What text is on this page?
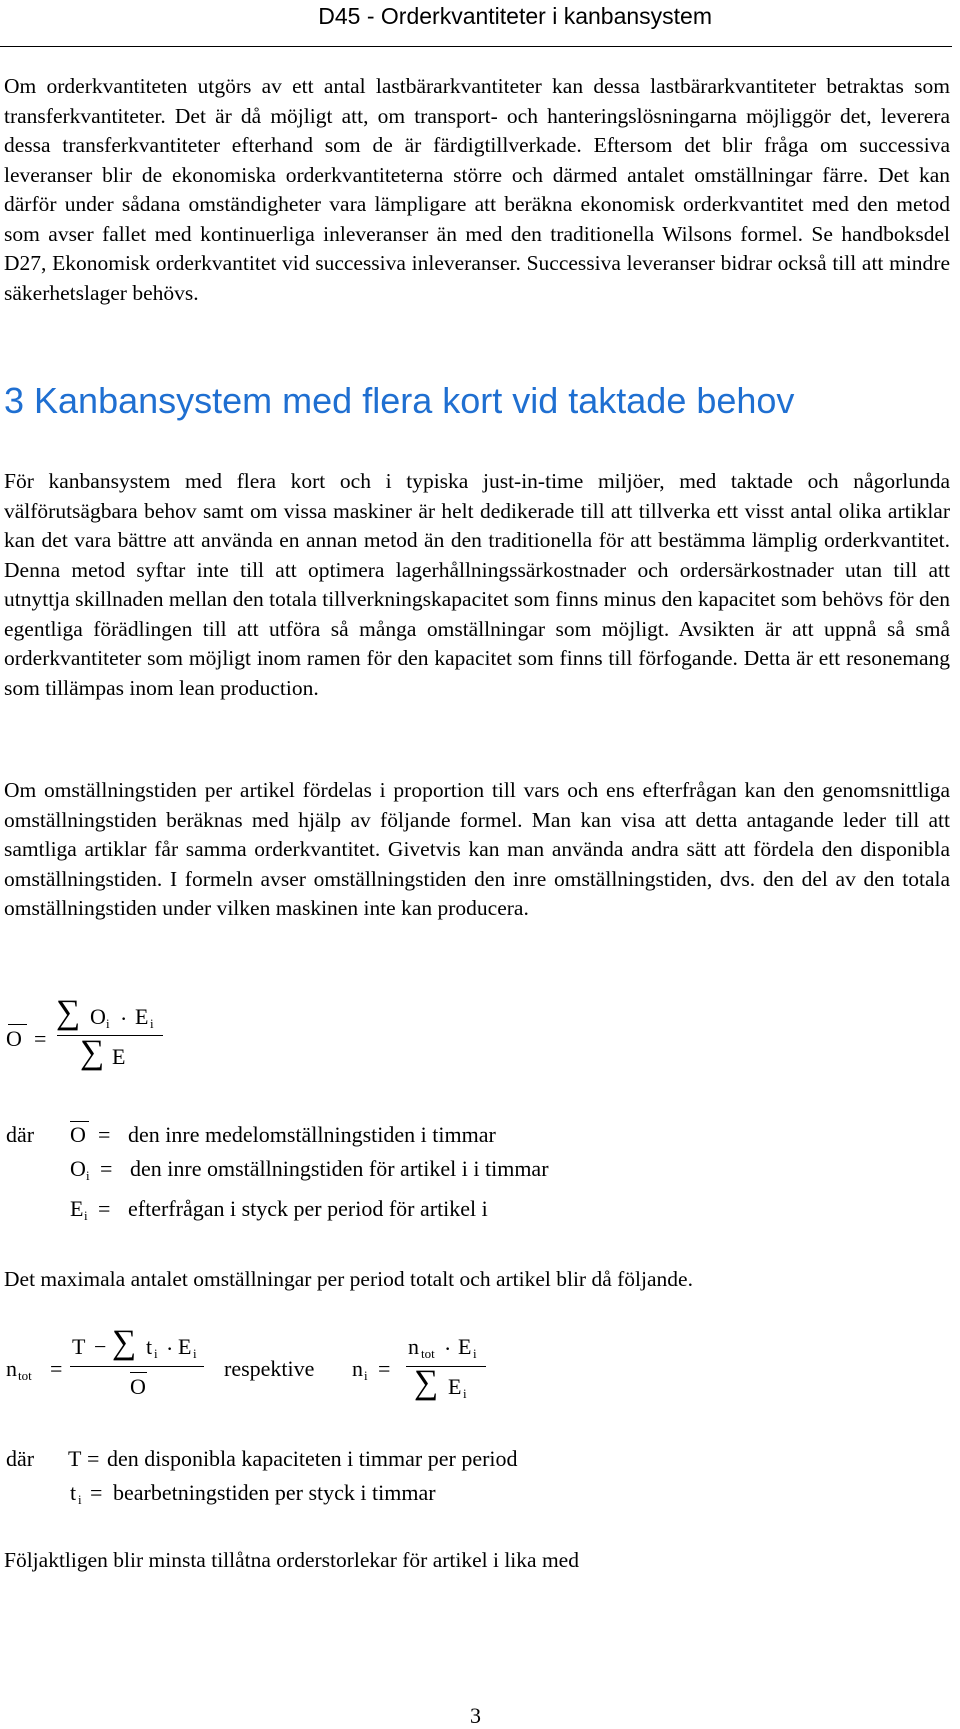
D45 - Orderkvantiteter i kanbansystem

Om orderkvantiteten utgörs av ett antal lastbärarkvantiteter kan dessa lastbärarkvantiteter betraktas som transferkvantiteter. Det är då möjligt att, om transport- och hanteringslösningarna möjliggör det, leverera dessa transferkvantiteter efterhand som de är färdigtillverkade. Eftersom det blir fråga om successiva leveranser blir de ekonomiska orderkvantiteterna större och därmed antalet omställningar färre. Det kan därför under sådana omständigheter vara lämpligare att beräkna ekonomisk orderkvantitet med den metod som avser fallet med kontinuerliga inleveranser än med den traditionella Wilsons formel. Se handboksdel D27, Ekonomisk orderkvantitet vid successiva inleveranser. Successiva leveranser bidrar också till att mindre säkerhetslager behövs.

3 Kanbansystem med flera kort vid taktade behov

För kanbansystem med flera kort och i typiska just-in-time miljöer, med taktade och någorlunda välförutsägbara behov samt om vissa maskiner är helt dedikerade till att tillverka ett visst antal olika artiklar kan det vara bättre att använda en annan metod än den traditionella för att bestämma lämplig orderkvantitet. Denna metod syftar inte till att optimera lagerhållningssärkostnader och ordersärkostnader utan till att utnyttja skillnaden mellan den totala tillverkningskapacitet som finns minus den kapacitet som behövs för den egentliga förädlingen till att utföra så många omställningar som möjligt. Avsikten är att uppnå så små orderkvantiteter som möjligt inom ramen för den kapacitet som finns till förfogande. Detta är ett resonemang som tillämpas inom lean production.

Om omställningstiden per artikel fördelas i proportion till vars och ens efterfrågan kan den genomsnittliga omställningstiden beräknas med hjälp av följande formel. Man kan visa att detta antagande leder till att samtliga artiklar får samma orderkvantitet. Givetvis kan man använda andra sätt att fördela den disponibla omställningstiden. I formeln avser omställningstiden den inre omställningstiden, dvs. den del av den totala omställningstiden under vilken maskinen inte kan producera.

O =
∑ O i · E i
∑ E
där O = den inre medelomställningstiden i timmar
O i = den inre omställningstiden för artikel i i timmar
E i = efterfrågan i styck per period för artikel i

Det maximala antalet omställningar per period totalt och artikel blir då följande.

n tot =
T − ∑ t i · E i
O
respektive n i =
n tot · E i
∑ E i
där T = den disponibla kapaciteten i timmar per period
t i = bearbetningstiden per styck i timmar

Följaktligen blir minsta tillåtna orderstorlekar för artikel i lika med

3
